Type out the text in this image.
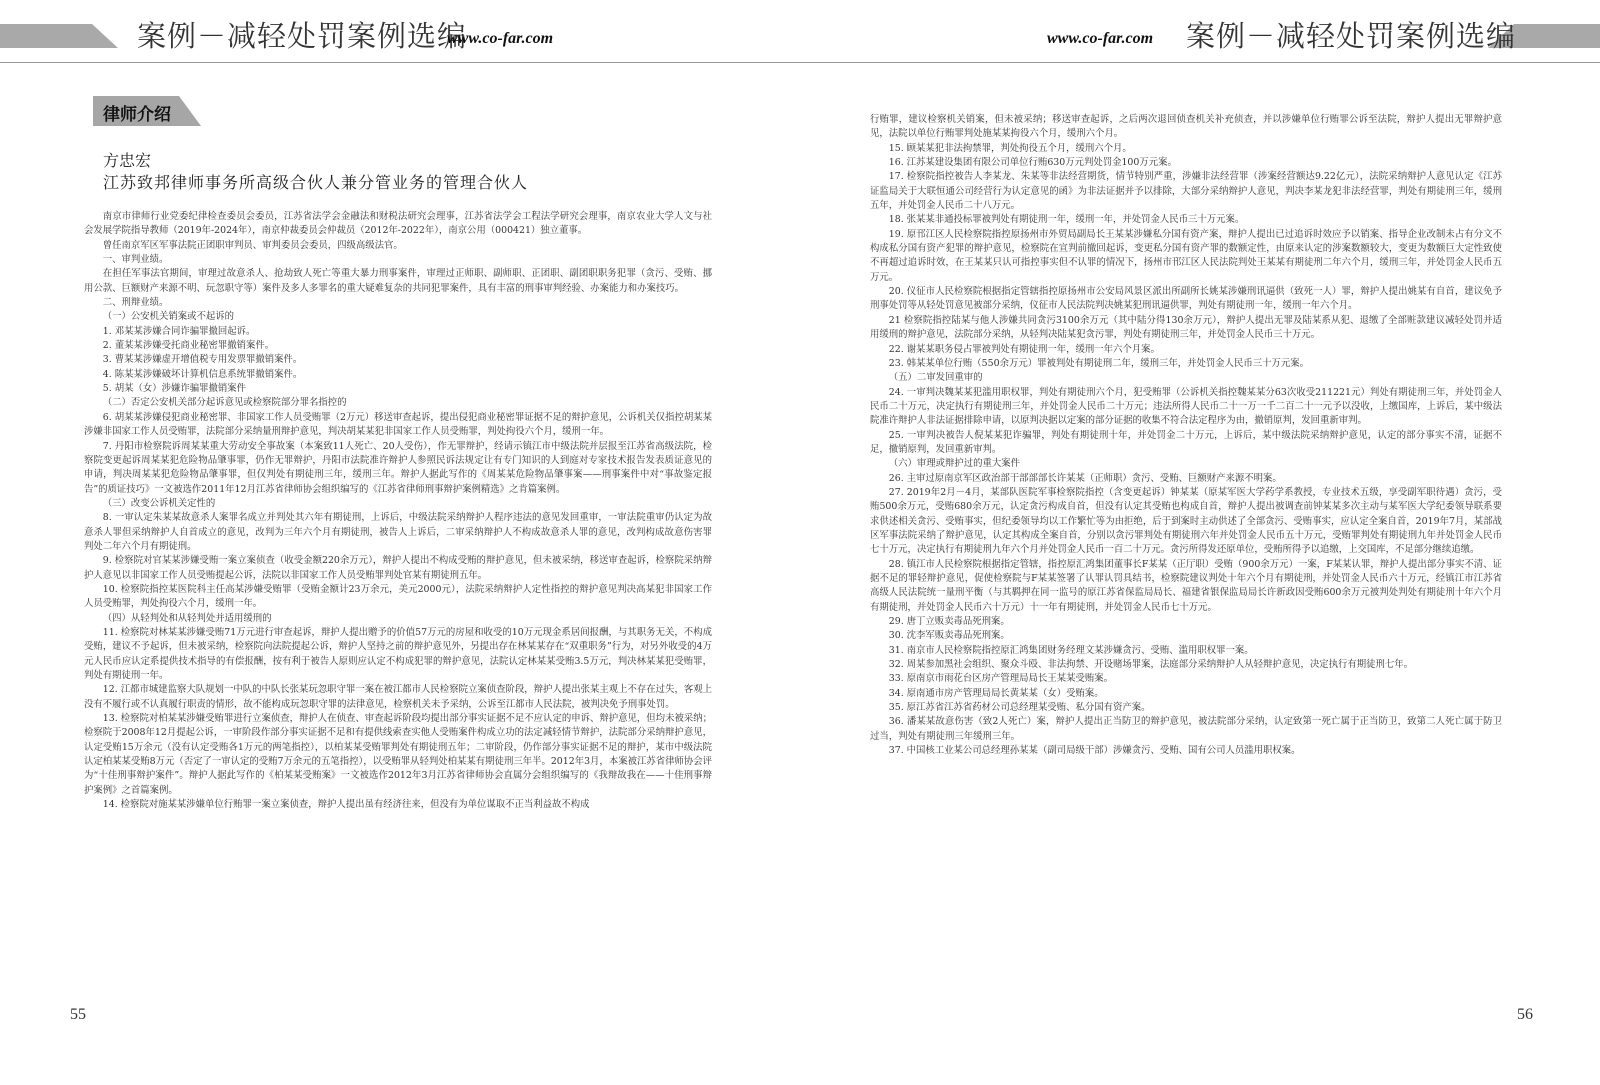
案例－减轻处罚案例选编
www.co-far.com	www.co-far.com 案例－减轻处罚案例选编
律师介绍
方忠宏
江苏致邦律师事务所高级合伙人兼分管业务的管理合伙人

南京市律师行业党委纪律检查委员会委员，江苏省法学会金融法和财税法研究会理事，江苏省法学会工程法学研究会理事，南京农业大学人文与社会发展学院指导教师（2019年-2024年），南京仲裁委员会仲裁员（2012年-2022年），南京公用（000421）独立董事。

曾任南京军区军事法院正团职审判员、审判委员会委员，四级高级法官。

一、审判业绩。

在担任军事法官期间，审理过故意杀人、抢劫致人死亡等重大暴力刑事案件，审理过正师职、副师职、正团职、副团职职务犯罪（贪污、受贿、挪用公款、巨额财产来源不明、玩忽职守等）案件及多人多罪名的重大疑难复杂的共同犯罪案件，具有丰富的刑事审判经验、办案能力和办案技巧。

二、刑辩业绩。

（一）公安机关销案或不起诉的

1. 邓某某涉嫌合同诈骗罪撤回起诉。

2. 董某某涉嫌受托商业秘密罪撤销案件。

3. 曹某某涉嫌虚开增值税专用发票罪撤销案件。

4. 陈某某涉嫌破坏计算机信息系统罪撤销案件。

5. 胡某（女）涉嫌诈骗罪撤销案件

（二）否定公安机关部分起诉意见或检察院部分罪名指控的

6. 胡某某涉嫌侵犯商业秘密罪、非国家工作人员受贿罪（2万元）移送审查起诉，提出侵犯商业秘密罪证据不足的辩护意见，公诉机关仅指控胡某某涉嫌非国家工作人员受贿罪，法院部分采纳量刑辩护意见，判决胡某某犯非国家工作人员受贿罪，判处拘役六个月，缓刑一年。

7. 丹阳市检察院诉周某某重大劳动安全事故案（本案致11人死亡、20人受伤），作无罪辩护，经请示镇江市中级法院并层报至江苏省高级法院，检察院变更起诉周某某犯危险物品肇事罪，仍作无罪辩护，丹阳市法院准许辩护人参照民诉法规定让有专门知识的人到庭对专家技术报告发表质证意见的申请，判决周某某犯危险物品肇事罪，但仅判处有期徒刑三年，缓刑三年。辩护人据此写作的《周某某危险物品肇事案——刑事案件中对“事故鉴定报告”的质证技巧》一文被选作2011年12月江苏省律师协会组织编写的《江苏省律师刑事辩护案例精选》之肯篇案例。

（三）改变公诉机关定性的

8. 一审认定朱某某故意杀人案罪名成立并判处其六年有期徒刑，上诉后，中级法院采纳辩护人程序违法的意见发回重审，一审法院重审仍认定为故意杀人罪但采纳辩护人自首成立的意见，改判为三年六个月有期徒刑，被告人上诉后，二审采纳辩护人不构成故意杀人罪的意见，改判构成故意伤害罪判处二年六个月有期徒刑。

9. 检察院对官某某涉嫌受贿一案立案侦查（收受金额220余万元），辩护人提出不构成受贿的辩护意见，但未被采纳，移送审查起诉，检察院采纳辩护人意见以非国家工作人员受贿提起公诉，法院以非国家工作人员受贿罪判处官某有期徒刑五年。

10. 检察院指控某医院科主任高某涉嫌受贿罪（受贿金额计23万余元，美元2000元），法院采纳辩护人定性指控的辩护意见判决高某犯非国家工作人员受贿罪，判处拘役六个月，缓刑一年。

（四）从轻判处和从轻判处并适用缓刑的

11. 检察院对林某某涉嫌受贿71万元进行审查起诉，辩护人提出赠予的价值57万元的房屋和收受的10万元现金系居间报酬，与其职务无关，不构成受贿，建议不予起诉，但未被采纳，检察院向法院提起公诉，辩护人坚持之前的辩护意见外，另提出存在林某某存在“双重职务”行为，对另外收受的4万元人民币应认定系提供技术指导的有偿报酬，按有利于被告人原则应认定不构成犯罪的辩护意见，法院认定林某某受贿3.5万元，判决林某某犯受贿罪，判处有期徒刑一年。

12. 江都市城建监察大队规划一中队的中队长张某玩忽职守罪一案在被江都市人民检察院立案侦查阶段，辩护人提出张某主观上不存在过失，客观上没有不履行或不认真履行职责的情形，故不能构成玩忽职守罪的法律意见，检察机关未予采纳，公诉至江都市人民法院，被判决免予刑事处罚。

13. 检察院对柏某某涉嫌受贿罪进行立案侦查，辩护人在侦查、审查起诉阶段均提出部分事实证据不足不应认定的申诉、辩护意见，但均未被采纳；检察院于2008年12月提起公诉，一审阶段作部分事实证据不足和有提供线索查实他人受贿案件构成立功的法定减轻情节辩护，法院部分采纳辩护意见，认定受贿15万余元（没有认定受贿各1万元的两笔指控），以柏某某受贿罪判处有期徒刑五年；二审阶段，仍作部分事实证据不足的辩护，某市中级法院认定柏某某受贿8万元（否定了一审认定的受贿7万余元的五笔指控），以受贿罪从轻判处柏某某有期徒刑三年半。2012年3月，本案被江苏省律师协会评为“十佳刑事辩护案件”。辩护人据此写作的《柏某某受贿案》一文被选作2012年3月江苏省律师协会直属分会组织编写的《我辩故我在——十佳刑事辩护案例》之首篇案例。

14. 检察院对施某某涉嫌单位行贿罪一案立案侦查，辩护人提出虽有经济往来，但没有为单位谋取不正当利益故不构成

行贿罪，建议检察机关销案，但未被采纳；移送审查起诉，之后两次退回侦查机关补充侦查，并以涉嫌单位行贿罪公诉至法院，辩护人提出无罪辩护意见，法院以单位行贿罪判处施某某拘役六个月，缓刑六个月。

15. 顾某某犯非法拘禁罪，判处拘役五个月，缓刑六个月。

16. 江苏某建设集团有限公司单位行贿630万元判处罚金100万元案。

17. 检察院指控被告人李某龙、朱某等非法经营期货，情节特别严重，涉嫌非法经营罪（涉案经营额达9.22亿元），法院采纳辩护人意见认定《江苏证监局关于大联恒通公司经营行为认定意见的函》为非法证据并予以排除，大部分采纳辩护人意见，判决李某龙犯非法经营罪，判处有期徒刑三年，缓刑五年，并处罚金人民币二十八万元。

18. 张某某非通投标罪被判处有期徒刑一年，缓刑一年，并处罚金人民币三十万元案。

19. 原邗江区人民检察院指控原扬州市外贸局副局长王某某涉嫌私分国有资产案，辩护人提出已过追诉时效应予以销案、指导企业改制未占有分文不构成私分国有资产犯罪的辩护意见，检察院在宣判前撤回起诉，变更私分国有资产罪的数额定性，由原来认定的涉案数额较大，变更为数额巨大定性致使不再超过追诉时效，在王某某只认可指控事实但不认罪的情况下，扬州市邗江区人民法院判处王某某有期徒刑二年六个月，缓刑三年，并处罚金人民币五万元。

20. 仪征市人民检察院根据指定管辖指控原扬州市公安局风景区派出所副所长姚某涉嫌刑讯逼供（致死一人）罪，辩护人提出姚某有自首，建议免予刑事处罚等从轻处罚意见被部分采纳，仪征市人民法院判决姚某犯刑讯逼供罪，判处有期徒刑一年，缓刑一年六个月。

21 检察院指控陆某与他人涉嫌共同贪污3100余万元（其中陆分得130余万元），辩护人提出无罪及陆某系从犯、退缴了全部赃款建议减轻处罚并适用缓刑的辩护意见，法院部分采纳，从轻判决陆某犯贪污罪，判处有期徒刑三年，并处罚金人民币三十万元。

22. 谢某某职务侵占罪被判处有期徒刑一年，缓刑一年六个月案。

23. 韩某某单位行贿（550余万元）罪被判处有期徒刑二年，缓刑三年，并处罚金人民币三十万元案。

（五）二审发回重审的

24. 一审判决魏某某犯滥用职权罪，判处有期徒刑六个月，犯受贿罪（公诉机关指控魏某某分63次收受211221元）判处有期徒刑三年，并处罚金人民币二十万元，决定执行有期徒刑三年，并处罚金人民币二十万元；违法所得人民币二十一万一千二百二十一元予以没收，上缴国库，上诉后，某中级法院准许辩护人非法证据排除申请，以原判决据以定案的部分证据的收集不符合法定程序为由，撤销原判，发回重新审判。

25. 一审判决被告人倪某某犯诈骗罪，判处有期徒刑十年，并处罚金二十万元，上诉后，某中级法院采纳辩护意见，认定的部分事实不清，证据不足，撤销原判，发回重新审判。

（六）审理或辩护过的重大案件

26. 主审过原南京军区政治部干部部部长许某某（正师职）贪污、受贿、巨额财产来源不明案。

27. 2019年2月－4月，某部队医院军事检察院指控（含变更起诉）钟某某（原某军医大学药学系教授，专业技术五级，享受副军职待遇）贪污，受贿500余万元，受贿680余万元，认定贪污构成自首，但没有认定其受贿也构成自首，辩护人提出被调查前钟某某多次主动与某军医大学纪委领导联系要求供述相关贪污、受贿事实，但纪委领导均以工作繁忙等为由拒绝，后于到案时主动供述了全部贪污、受贿事实，应认定全案自首，2019年7月，某部战区军事法院采纳了辩护意见，认定其构成全案自首，分别以贪污罪判处有期徒刑六年并处罚金人民币五十万元，受贿罪判处有期徒刑九年并处罚金人民币七十万元，决定执行有期徒刑九年六个月并处罚金人民币一百二十万元。贪污所得发还原单位，受贿所得予以追缴，上交国库，不足部分继续追缴。

28. 镇江市人民检察院根据指定管辖，指控原汇鸿集团董事长F某某（正厅职）受贿（900余万元）一案，F某某认罪，辩护人提出部分事实不清、证据不足的罪轻辩护意见，促使检察院与F某某签署了认罪认罚具结书，检察院建议判处十年六个月有期徒刑，并处罚金人民币六十万元，经镇江市江苏省高级人民法院统一量刑平衡（与其羁押在同一监号的原江苏省保监局局长、福建省银保监局局长许新政因受贿600余万元被判处判处有期徒刑十年六个月有期徒刑，并处罚金人民币六十万元）十一年有期徒刑，并处罚金人民币七十万元。

29. 唐丁立贩卖毒品死刑案。

30. 沈李军贩卖毒品死刑案。

31. 南京市人民检察院指控原汇鸿集团财务经理文某涉嫌贪污、受贿、滥用职权罪一案。

32. 周某参加黑社会组织、聚众斗殴、非法拘禁、开设赌场罪案，法庭部分采纳辩护人从轻辩护意见，决定执行有期徒刑七年。

33. 原南京市雨花台区房产管理局局长王某某受贿案。

34. 原南通市房产管理局局长黄某某（女）受贿案。

35. 原江苏省江苏省药材公司总经理某受贿、私分国有资产案。

36. 潘某某故意伤害（致2人死亡）案，辩护人提出正当防卫的辩护意见，被法院部分采纳，认定致第一死亡属于正当防卫，致第二人死亡属于防卫过当，判处有期徒刑三年缓刑三年。

37. 中国核工业某公司总经理孙某某（副司局级干部）涉嫌贪污、受贿、国有公司人员滥用职权案。

55	56
